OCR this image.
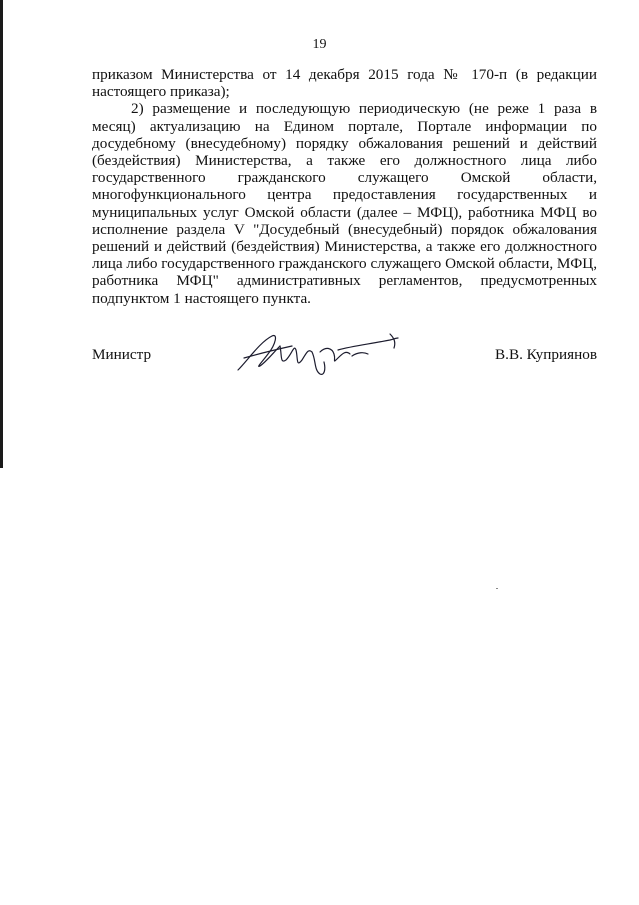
19

приказом Министерства от 14 декабря 2015 года № 170-п (в редакции настоящего приказа);

2) размещение и последующую периодическую (не реже 1 раза в месяц) актуализацию на Едином портале, Портале информации по досудебному (внесудебному) порядку обжалования решений и действий (бездействия) Министерства, а также его должностного лица либо государственного гражданского служащего Омской области, многофункционального центра предоставления государственных и муниципальных услуг Омской области (далее – МФЦ), работника МФЦ во исполнение раздела V "Досудебный (внесудебный) порядок обжалования решений и действий (бездействия) Министерства, а также его должностного лица либо государственного гражданского служащего Омской области, МФЦ, работника МФЦ" административных регламентов, предусмотренных подпунктом 1 настоящего пункта.

Министр	В.В. Куприянов
